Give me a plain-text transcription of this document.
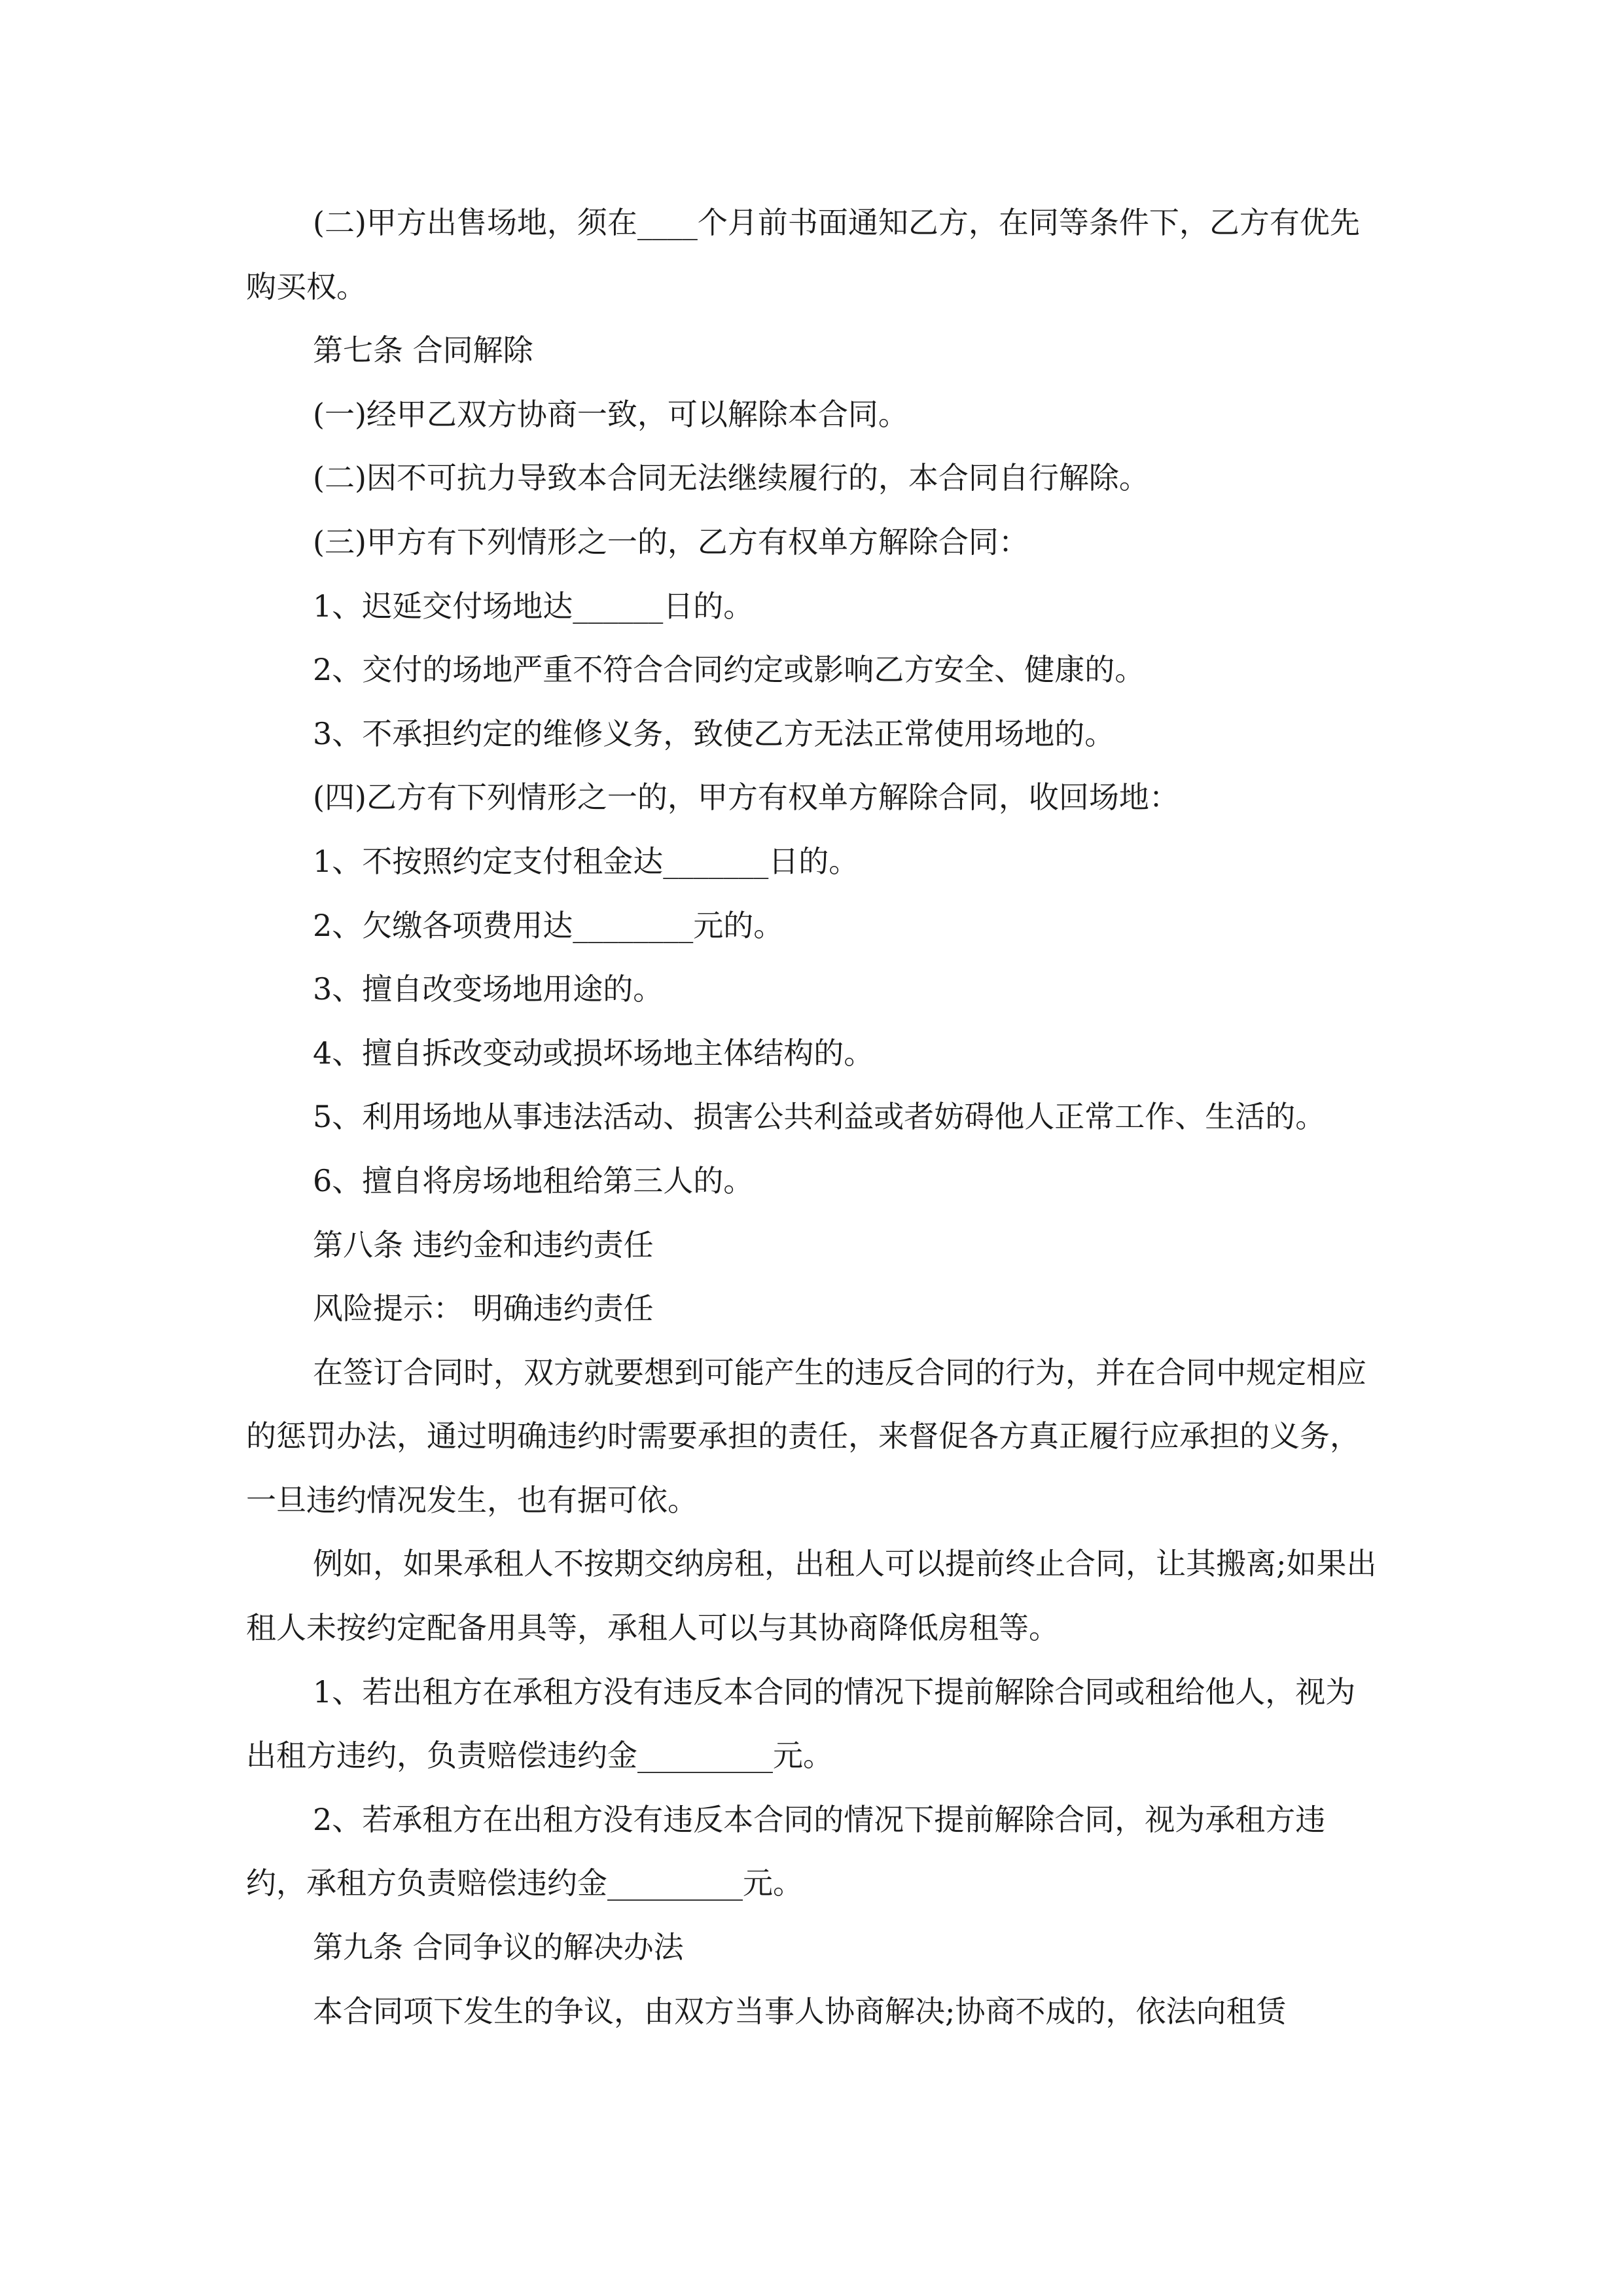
(二)甲方出售场地，须在____个月前书面通知乙方，在同等条件下，乙方有优先购买权。

第七条 合同解除

(一)经甲乙双方协商一致，可以解除本合同。

(二)因不可抗力导致本合同无法继续履行的，本合同自行解除。

(三)甲方有下列情形之一的，乙方有权单方解除合同：

1、迟延交付场地达______日的。

2、交付的场地严重不符合合同约定或影响乙方安全、健康的。

3、不承担约定的维修义务，致使乙方无法正常使用场地的。

(四)乙方有下列情形之一的，甲方有权单方解除合同，收回场地：

1、不按照约定支付租金达_______日的。

2、欠缴各项费用达________元的。

3、擅自改变场地用途的。

4、擅自拆改变动或损坏场地主体结构的。

5、利用场地从事违法活动、损害公共利益或者妨碍他人正常工作、生活的。

6、擅自将房场地租给第三人的。

第八条 违约金和违约责任

风险提示： 明确违约责任

在签订合同时，双方就要想到可能产生的违反合同的行为，并在合同中规定相应的惩罚办法，通过明确违约时需要承担的责任，来督促各方真正履行应承担的义务，一旦违约情况发生，也有据可依。

例如，如果承租人不按期交纳房租，出租人可以提前终止合同，让其搬离;如果出租人未按约定配备用具等，承租人可以与其协商降低房租等。

1、若出租方在承租方没有违反本合同的情况下提前解除合同或租给他人，视为出租方违约，负责赔偿违约金_________元。

2、若承租方在出租方没有违反本合同的情况下提前解除合同，视为承租方违约，承租方负责赔偿违约金_________元。

第九条 合同争议的解决办法

本合同项下发生的争议，由双方当事人协商解决;协商不成的，依法向租赁
